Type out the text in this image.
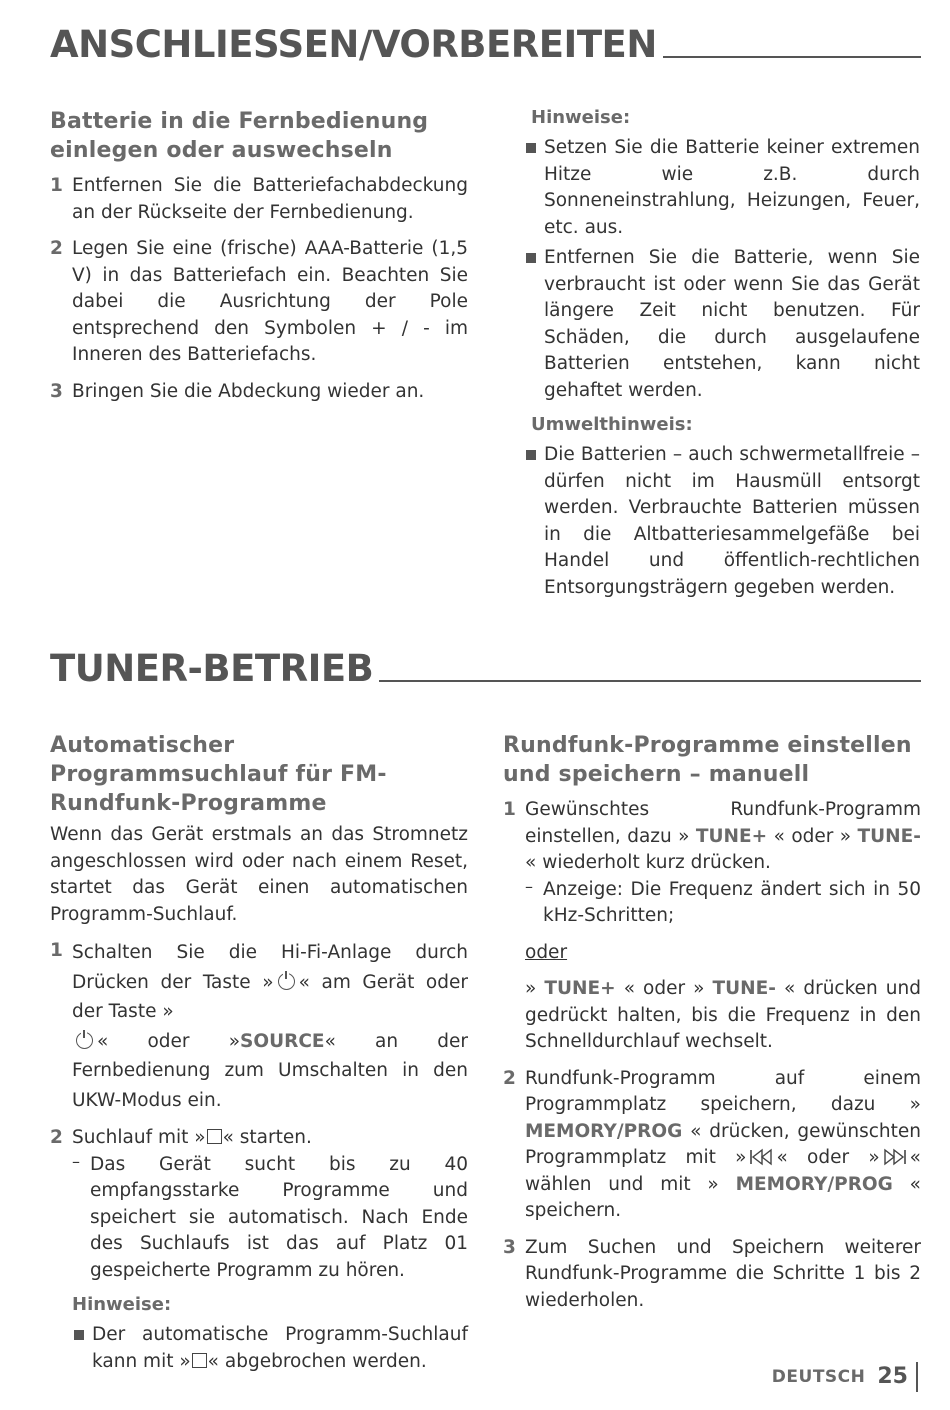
ANSCHLIESSEN/VORBEREITEN
Batterie in die Fernbedienung einlegen oder auswechseln
1 Entfernen Sie die Batteriefachabdeckung an der Rückseite der Fernbedienung.

2 Legen Sie eine (frische) AAA-Batterie (1,5 V) in das Batteriefach ein. Beachten Sie dabei die Ausrichtung der Pole entsprechend den Symbolen + / - im Inneren des Batteriefachs.

3 Bringen Sie die Abdeckung wieder an.

Hinweise:

Setzen Sie die Batterie keiner extremen Hitze wie z.B. durch Sonneneinstrahlung, Heizungen, Feuer, etc. aus.

Entfernen Sie die Batterie, wenn Sie verbraucht ist oder wenn Sie das Gerät längere Zeit nicht benutzen. Für Schäden, die durch ausgelaufene Batterien entstehen, kann nicht gehaftet werden.

Umwelthinweis:

Die Batterien – auch schwermetallfreie – dürfen nicht im Hausmüll entsorgt werden. Verbrauchte Batterien müssen in die Altbatteriesammelgefäße bei Handel und öffentlich-rechtlichen Entsorgungsträgern gegeben werden.

TUNER-BETRIEB
Automatischer Programmsuchlauf für FM-Rundfunk-Programme

Wenn das Gerät erstmals an das Stromnetz angeschlossen wird oder nach einem Reset, startet das Gerät einen automatischen Programm-Suchlauf.

1 Schalten Sie die Hi-Fi-Anlage durch Drücken der Taste » « am Gerät oder der Taste »
« oder »SOURCE« an der Fernbedienung zum Umschalten in den UKW-Modus ein.

2 Suchlauf mit » « starten.

– Das Gerät sucht bis zu 40 empfangsstarke Programme und speichert sie automatisch. Nach Ende des Suchlaufs ist das auf Platz 01 gespeicherte Programm zu hören.

Hinweise:

Der automatische Programm-Suchlauf kann mit » « abgebrochen werden.

Rundfunk-Programme einstellen und speichern – manuell
1 Gewünschtes Rundfunk-Programm einstellen, dazu » TUNE+ « oder » TUNE- « wiederholt kurz drücken.

– Anzeige: Die Frequenz ändert sich in 50 kHz-Schritten;

oder

» TUNE+ « oder » TUNE- « drücken und gedrückt halten, bis die Frequenz in den Schnelldurchlauf wechselt.

2 Rundfunk-Programm auf einem Programmplatz speichern, dazu » MEMORY/PROG « drücken, gewünschten Programmplatz mit » « oder » « wählen und mit » MEMORY/PROG « speichern.

3 Zum Suchen und Speichern weiterer Rundfunk-Programme die Schritte 1 bis 2 wiederholen.

DEUTSCH 25
